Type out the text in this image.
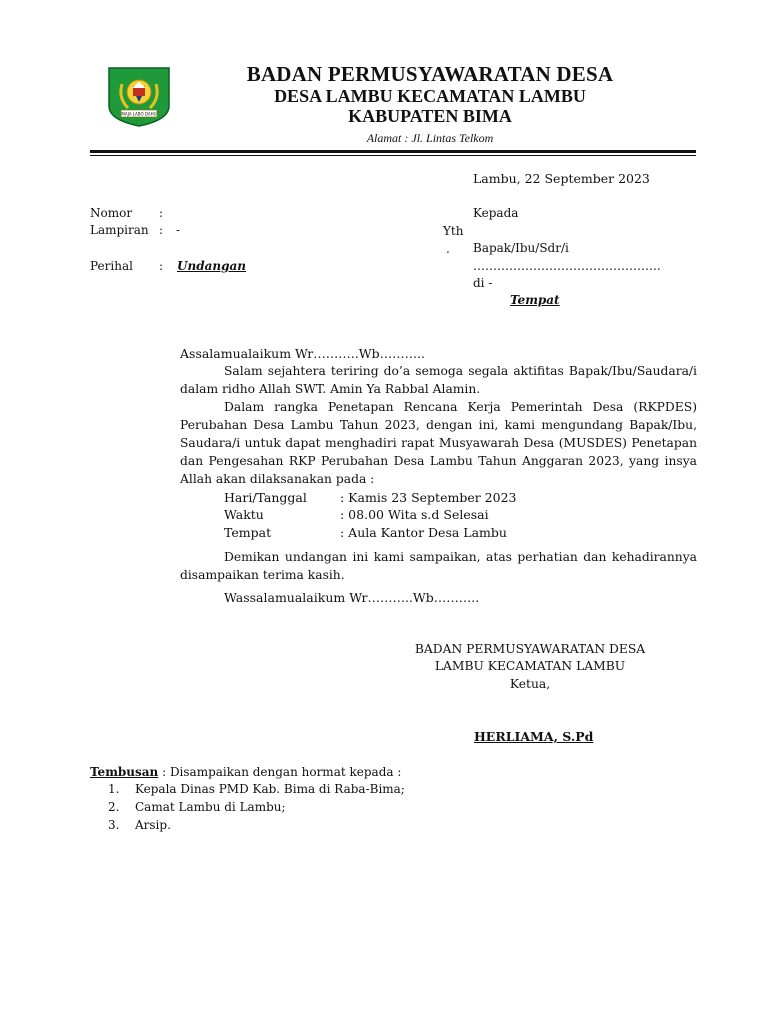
MAJA LABO DAHU
BADAN PERMUSYAWARATAN DESA
DESA LAMBU KECAMATAN LAMBU
KABUPATEN BIMA
Alamat : Jl. Lintas Telkom
Lambu, 22 September 2023
Nomor :
Lampiran : -
Perihal : Undangan
Kepada
Yth
. Bapak/Ibu/Sdr/i
………………………………………..
di -
Tempat
Assalamualaikum Wr………..Wb………..

Salam sejahtera teriring do’a semoga segala aktifitas Bapak/Ibu/Saudara/i dalam ridho Allah SWT. Amin Ya Rabbal Alamin.

Dalam rangka Penetapan Rencana Kerja Pemerintah Desa (RKPDES) Perubahan Desa Lambu Tahun 2023, dengan ini, kami mengundang Bapak/Ibu, Saudara/i untuk dapat menghadiri rapat Musyawarah Desa (MUSDES) Penetapan dan Pengesahan RKP Perubahan Desa Lambu Tahun Anggaran 2023, yang insya Allah akan dilaksanakan pada :

Hari/Tanggal	: Kamis 23 September 2023
Waktu	: 08.00 Wita s.d Selesai
Tempat	: Aula Kantor Desa Lambu

Demikan undangan ini kami sampaikan, atas perhatian dan kehadirannya disampaikan terima kasih.

Wassalamualaikum Wr………..Wb………..
BADAN PERMUSYAWARATAN DESA
LAMBU KECAMATAN LAMBU
Ketua,
HERLIAMA, S.Pd
Tembusan : Disampaikan dengan hormat kepada :
1. Kepala Dinas PMD Kab. Bima di Raba-Bima;
2. Camat Lambu di Lambu;
3. Arsip.
